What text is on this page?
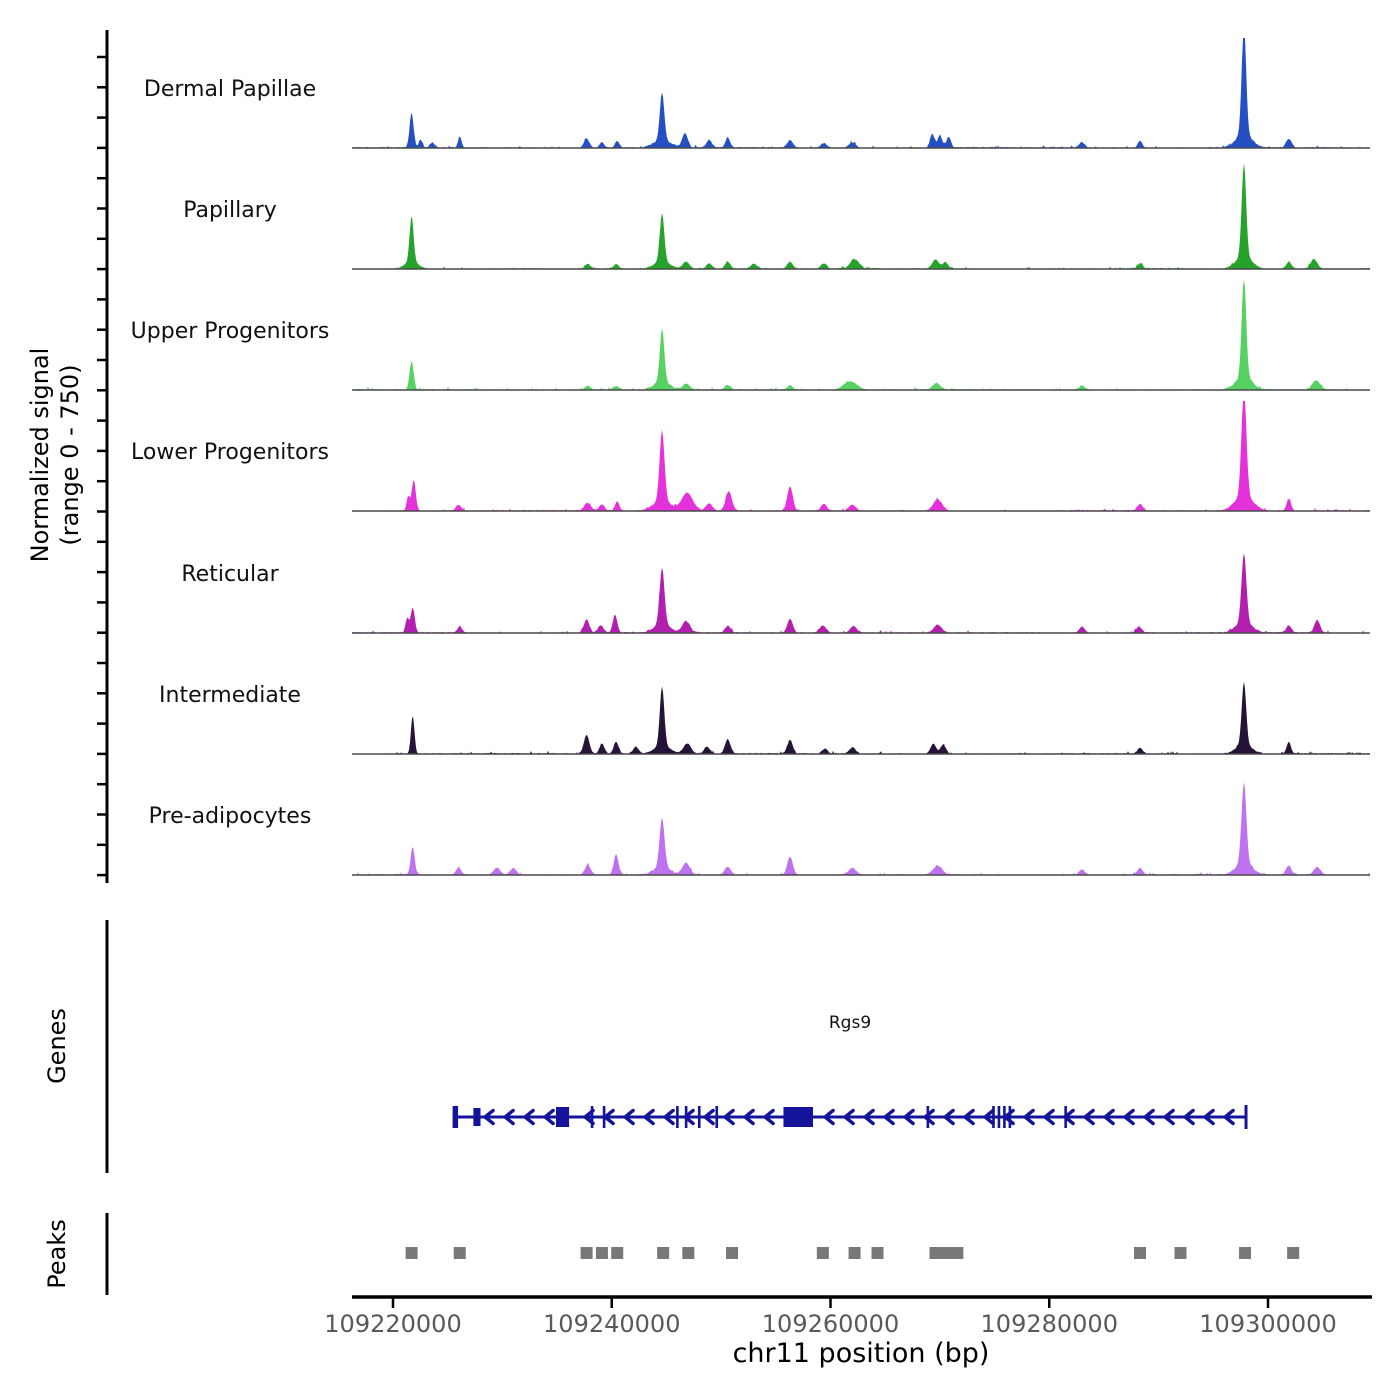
Normalized signal (range 0 - 750)
Genes
Peaks
Rgs9
chr11 position (bp)
Dermal Papillae
Papillary
Upper Progenitors
Lower Progenitors
Reticular
Intermediate
Pre-adipocytes
109220000	109240000	109260000	109280000	109300000
